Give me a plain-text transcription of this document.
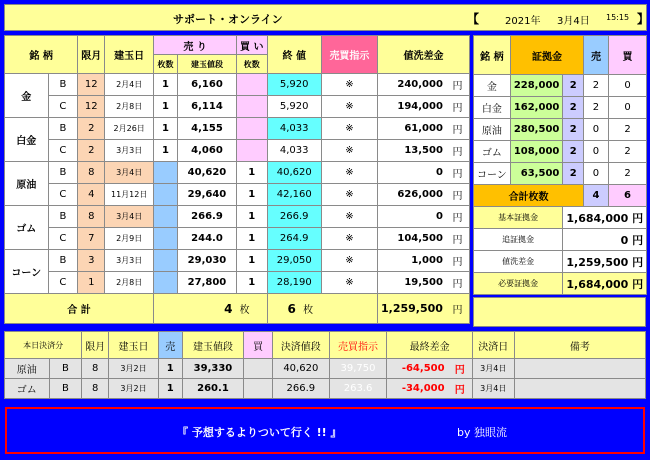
サポート・オンライン	【	2021年 3月4日 15:15 】
銘 柄		限月	建玉日	売 り		買 い	終 値	売買指示	値洗差金	
				枚数	建玉値段	枚数				
金	B	12	2月4日	1	6,160		5,920	※	240,000	円
	C	12	2月8日	1	6,114		5,920	※	194,000	円
白金	B	2	2月26日	1	4,155		4,033	※	61,000	円
	C	2	3月3日	1	4,060		4,033	※	13,500	円
原油	B	8	3月4日		40,620	1	40,620	※	0	円
	C	4	11月12日		29,640	1	42,160	※	626,000	円
ゴム	B	8	3月4日		266.9	1	266.9	※	0	円
	C	7	2月9日		244.0	1	264.9	※	104,500	円
コーン	B	3	3月3日		29,030	1	29,050	※	1,000	円
	C	1	2月8日		27,800	1	28,190	※	19,500	円
合 計				4 枚			6 枚		1,259,500	円
銘 柄	証拠金		売	買
金	228,000	2	2	0
白金	162,000	2	2	0
原油	280,500	2	0	2
ゴム	108,000	2	0	2
コーン	63,500	2	0	2
合計枚数			4	6
基本証拠金		1,684,000 円		
追証拠金		0 円		
値洗差金		1,259,500 円		
必要証拠金		1,684,000 円		
本日決済分		限月	建玉日	売	建玉値段	買	決済値段	売買指示	最終差金		決済日	備考
原油	B	8	3月2日	1	39,330		40,620	39,750	-64,500	円	3月4日	
ゴム	B	8	3月2日	1	260.1		266.9	263.6	-34,000	円	3月4日	
『 予想するよりついて行く !! 』	by 独眼流
